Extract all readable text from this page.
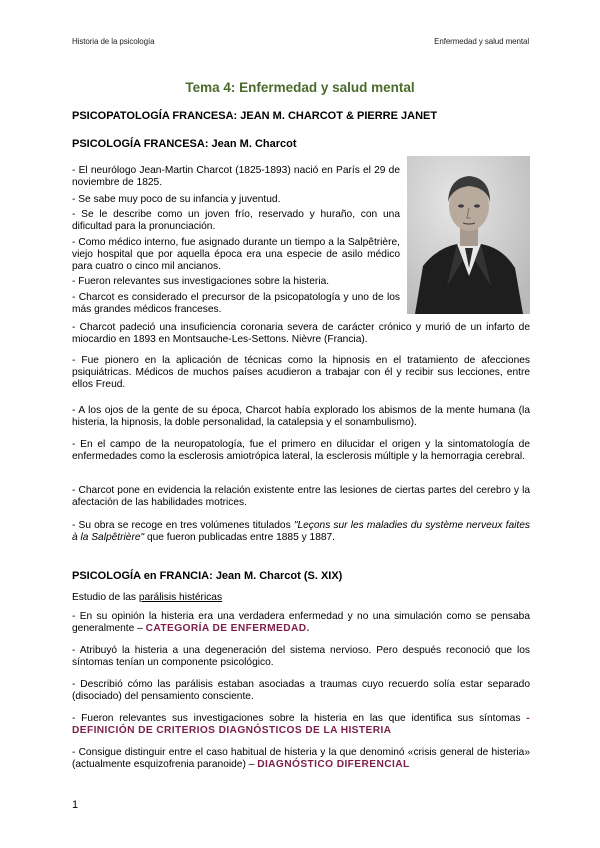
Historia de la psicología	Enfermedad y salud mental
Tema 4: Enfermedad y salud mental
PSICOPATOLOGÍA FRANCESA: JEAN M. CHARCOT & PIERRE JANET
PSICOLOGÍA FRANCESA: Jean M. Charcot
- El neurólogo Jean-Martin Charcot (1825-1893) nació en París el 29 de noviembre de 1825.
- Se sabe muy poco de su infancia y juventud.
- Se le describe como un joven frío, reservado y huraño, con una dificultad para la pronunciación.
- Como médico interno, fue asignado durante un tiempo a la Salpêtrière, viejo hospital que por aquella época era una especie de asilo médico para cuatro o cinco mil ancianos.
- Fueron relevantes sus investigaciones sobre la histeria.
- Charcot es considerado el precursor de la psicopatología y uno de los más grandes médicos franceses.
- Charcot padeció una insuficiencia coronaria severa de carácter crónico y murió de un infarto de miocardio en 1893 en Montsauche-Les-Settons. Nièvre (Francia).
- Fue pionero en la aplicación de técnicas como la hipnosis en el tratamiento de afecciones psiquiátricas. Médicos de muchos países acudieron a trabajar con él y recibir sus lecciones, entre ellos Freud.
- A los ojos de la gente de su época, Charcot había explorado los abismos de la mente humana (la histeria, la hipnosis, la doble personalidad, la catalepsia y el sonambulismo).
- En el campo de la neuropatología, fue el primero en dilucidar el origen y la sintomatología de enfermedades como la esclerosis amiotrópica lateral, la esclerosis múltiple y la hemorragia cerebral.
- Charcot pone en evidencia la relación existente entre las lesiones de ciertas partes del cerebro y la afectación de las habilidades motrices.
- Su obra se recoge en tres volúmenes titulados "Leçons sur les maladies du système nerveux faites à la Salpêtrière" que fueron publicadas entre 1885 y 1887.
PSICOLOGÍA en FRANCIA: Jean M. Charcot (S. XIX)
Estudio de las parálisis histéricas
- En su opinión la histeria era una verdadera enfermedad y no una simulación como se pensaba generalmente – CATEGORÍA DE ENFERMEDAD.
- Atribuyó la histeria a una degeneración del sistema nervioso. Pero después reconoció que los síntomas tenían un componente psicológico.
- Describió cómo las parálisis estaban asociadas a traumas cuyo recuerdo solía estar separado (disociado) del pensamiento consciente.
- Fueron relevantes sus investigaciones sobre la histeria en las que identifica sus síntomas -DEFINICIÓN DE CRITERIOS DIAGNÓSTICOS DE LA HISTERIA
- Consigue distinguir entre el caso habitual de histeria y la que denominó «crisis general de histeria» (actualmente esquizofrenia paranoide) – DIAGNÓSTICO DIFERENCIAL
1
